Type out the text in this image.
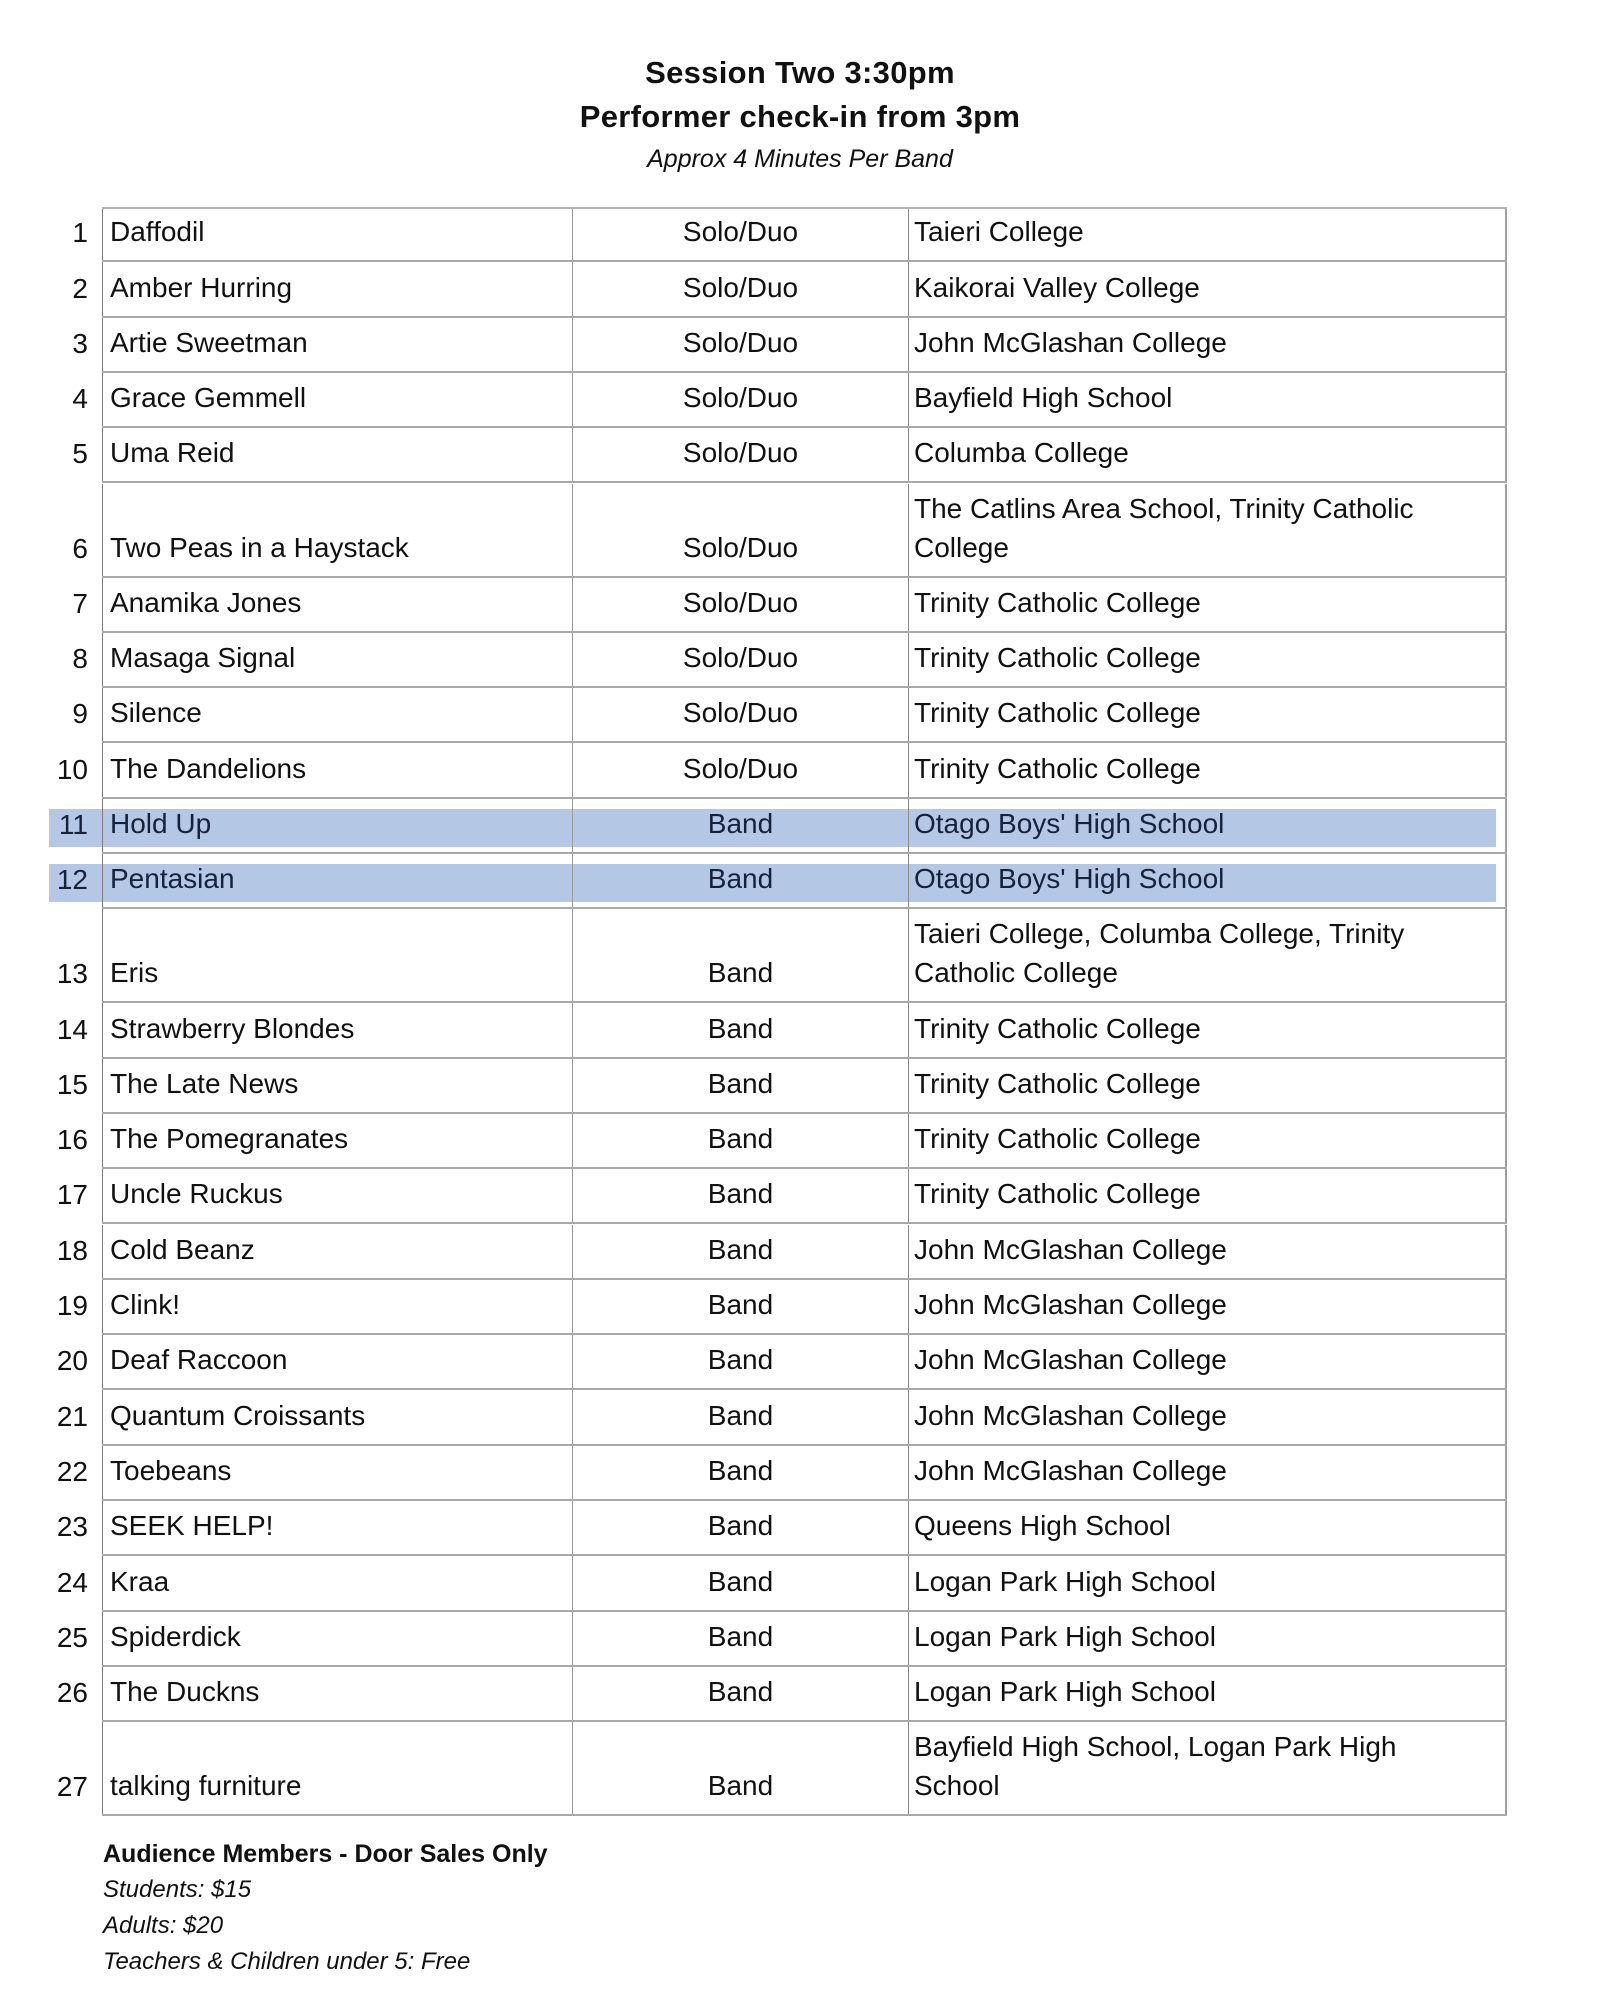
Session Two 3:30pm
Performer check-in from 3pm
Approx 4 Minutes Per Band
1 Daffodil	Solo/Duo	Taieri College
2 Amber Hurring	Solo/Duo	Kaikorai Valley College
3 Artie Sweetman	Solo/Duo	John McGlashan College
4 Grace Gemmell	Solo/Duo	Bayfield High School
5 Uma Reid	Solo/Duo	Columba College
6 Two Peas in a Haystack	Solo/Duo
The Catlins Area School, Trinity Catholic College
7 Anamika Jones	Solo/Duo	Trinity Catholic College
8 Masaga Signal	Solo/Duo	Trinity Catholic College
9 Silence	Solo/Duo	Trinity Catholic College
10 The Dandelions	Solo/Duo	Trinity Catholic College
11 Hold Up	Band	Otago Boys' High School
12 Pentasian	Band	Otago Boys' High School
13 Eris	Band
Taieri College, Columba College, Trinity Catholic College
14 Strawberry Blondes	Band	Trinity Catholic College
15 The Late News	Band	Trinity Catholic College
16 The Pomegranates	Band	Trinity Catholic College
17 Uncle Ruckus	Band	Trinity Catholic College
18 Cold Beanz	Band	John McGlashan College
19 Clink!	Band	John McGlashan College
20 Deaf Raccoon	Band	John McGlashan College
21 Quantum Croissants	Band	John McGlashan College
22 Toebeans	Band	John McGlashan College
23 SEEK HELP!	Band	Queens High School
24 Kraa	Band	Logan Park High School
25 Spiderdick	Band	Logan Park High School
26 The Duckns	Band	Logan Park High School
27 talking furniture	Band
Bayfield High School, Logan Park High School
Audience Members - Door Sales Only
Students: $15
Adults: $20
Teachers & Children under 5: Free
